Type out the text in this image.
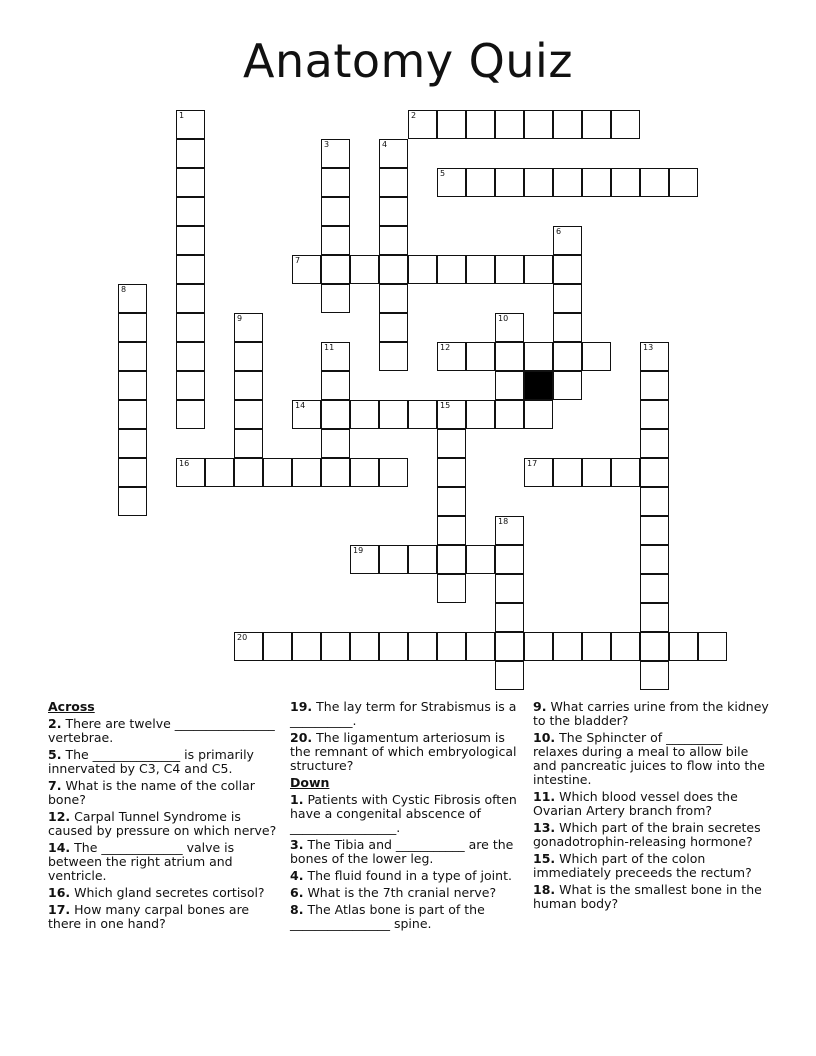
Anatomy Quiz
1	2
3	4
5
6
7
8
9	10
11	12	13
14	15
16	17
18
19
20

Across

2. There are twelve ________________ vertebrae.

5. The ______________ is primarily innervated by C3, C4 and C5.

7. What is the name of the collar bone?

12. Carpal Tunnel Syndrome is caused by pressure on which nerve?

14. The _____________ valve is between the right atrium and ventricle.

16. Which gland secretes cortisol?

17. How many carpal bones are there in one hand?

19. The lay term for Strabismus is a __________.

20. The ligamentum arteriosum is the remnant of which embryological structure?

Down

1. Patients with Cystic Fibrosis often have a congenital abscence of _________________.

3. The Tibia and ___________ are the bones of the lower leg.

4. The fluid found in a type of joint.

6. What is the 7th cranial nerve?

8. The Atlas bone is part of the ________________ spine.

9. What carries urine from the kidney to the bladder?

10. The Sphincter of _________ relaxes during a meal to allow bile and pancreatic juices to flow into the intestine.

11. Which blood vessel does the Ovarian Artery branch from?

13. Which part of the brain secretes gonadotrophin-releasing hormone?

15. Which part of the colon immediately preceeds the rectum?

18. What is the smallest bone in the human body?
